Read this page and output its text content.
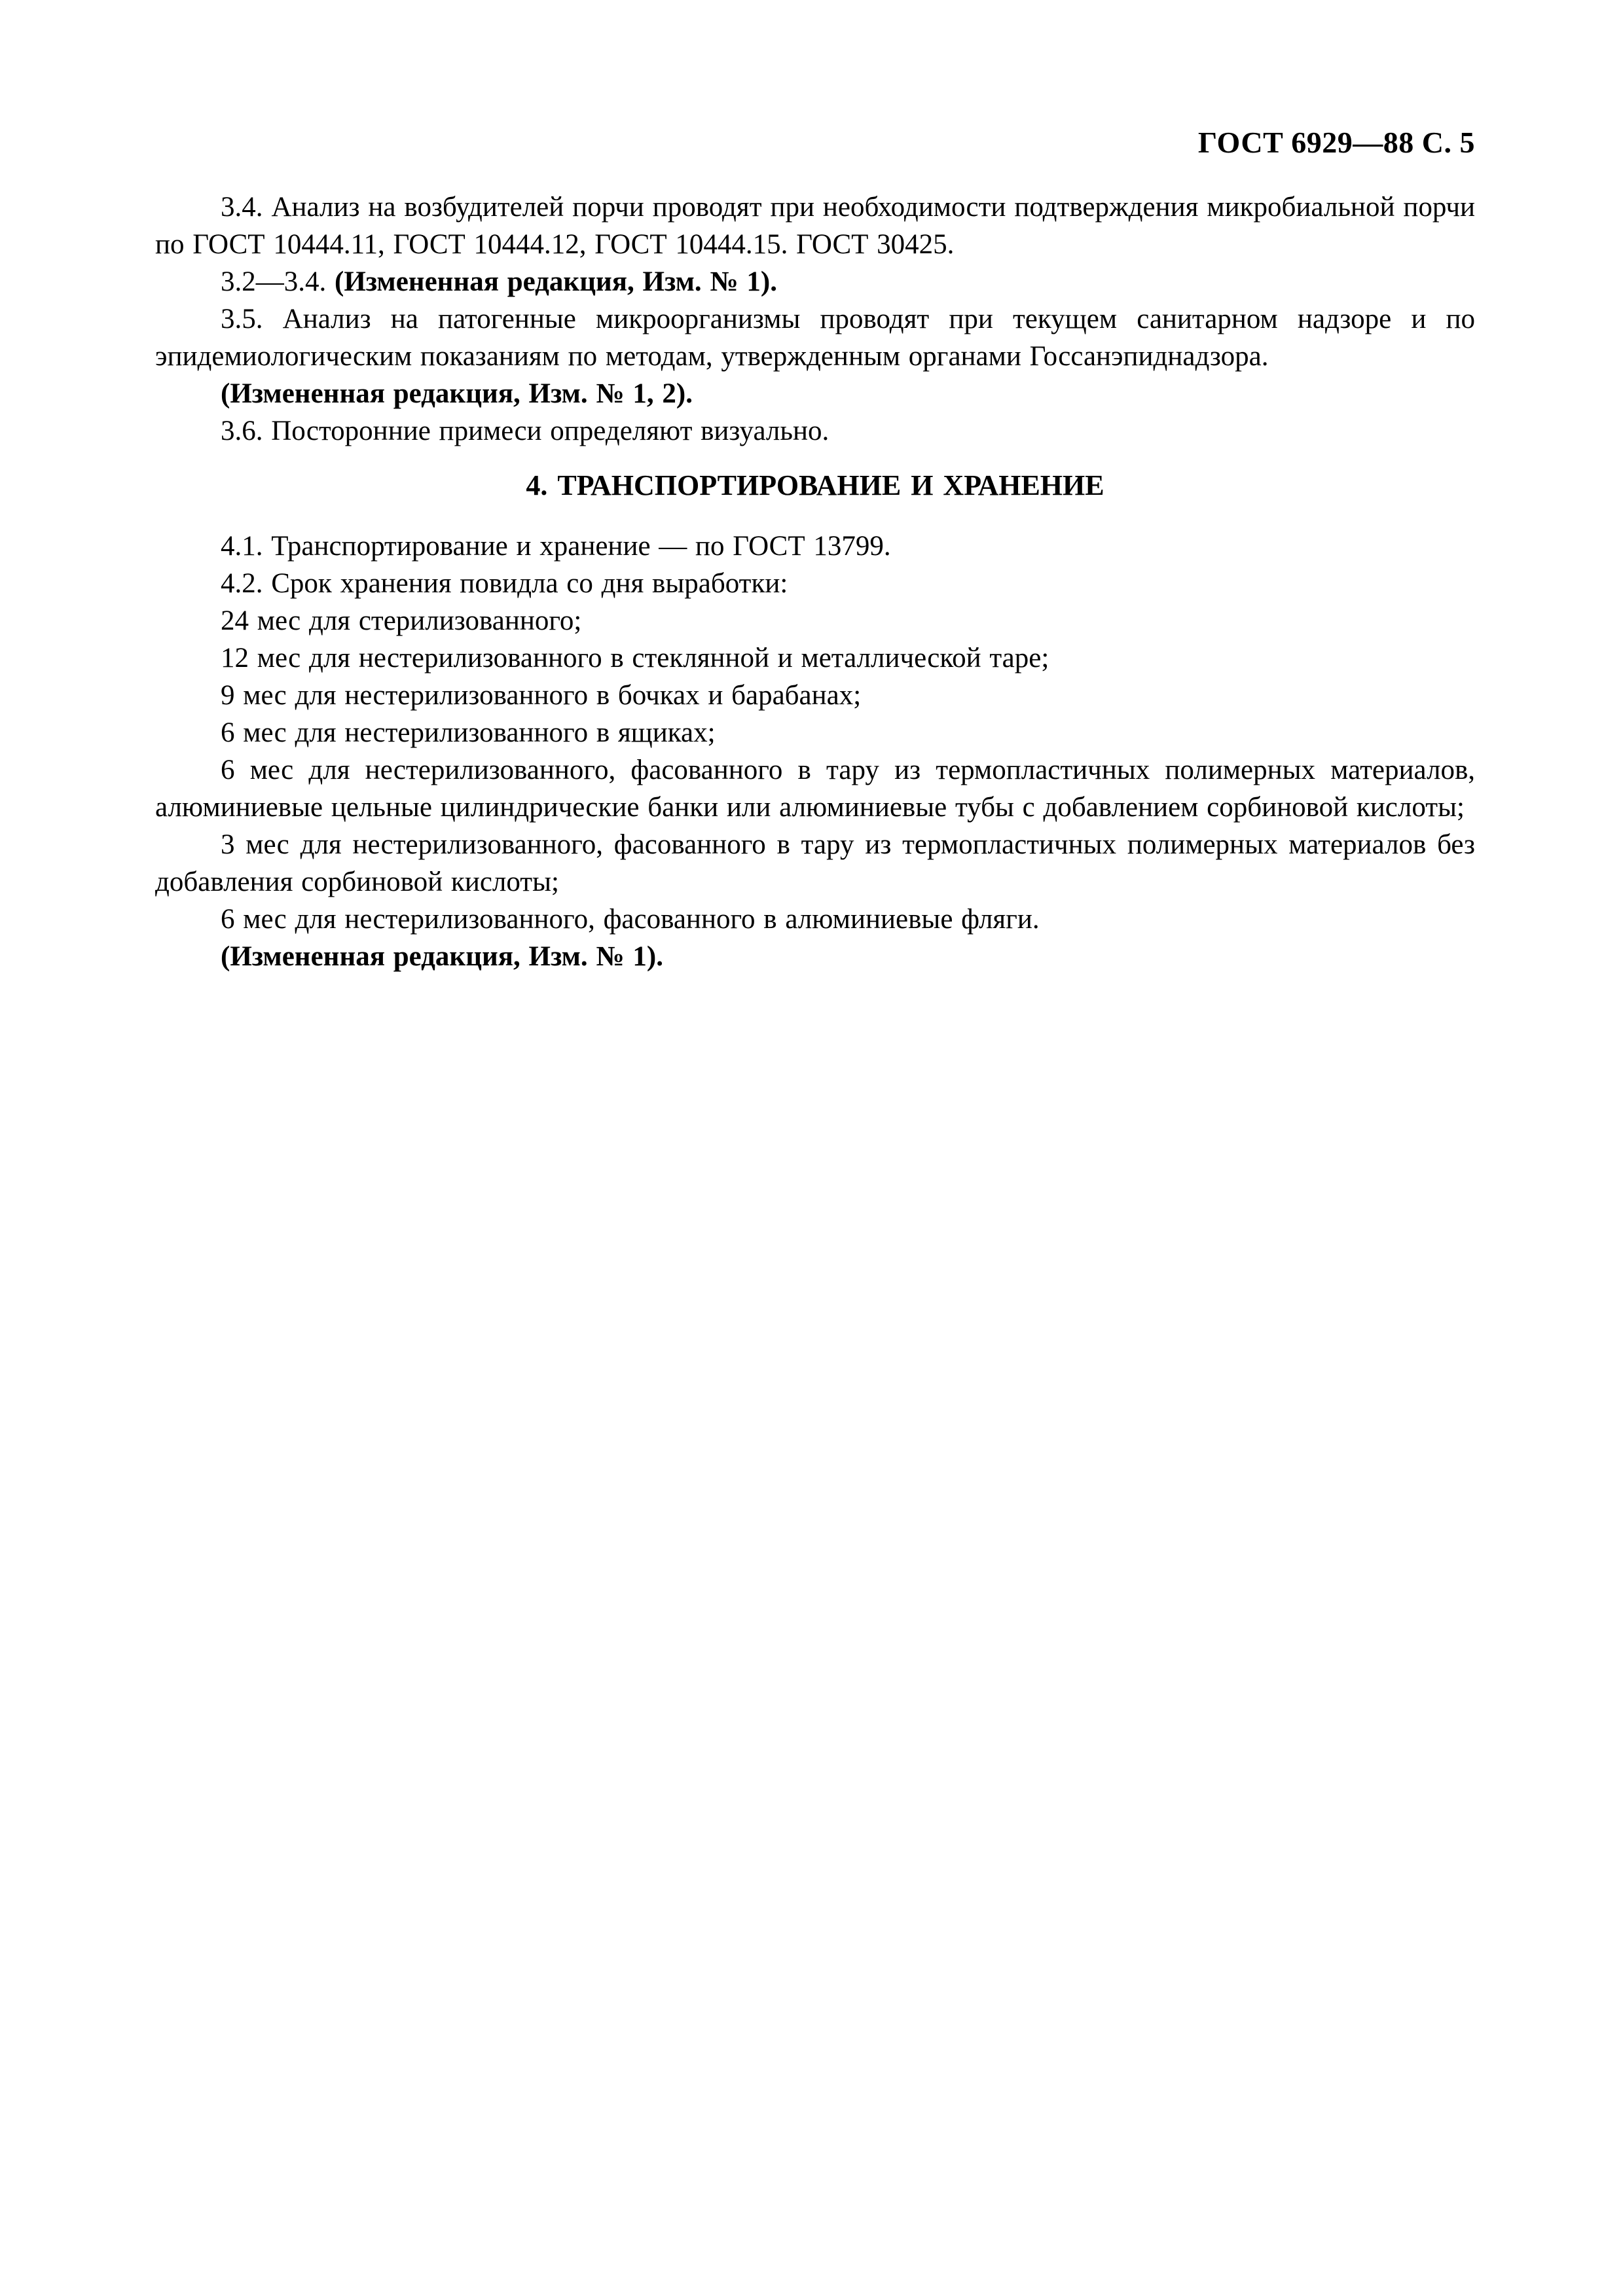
ГОСТ 6929—88 С. 5

3.4. Анализ на возбудителей порчи проводят при необходимости подтверждения микробиальной порчи по ГОСТ 10444.11, ГОСТ 10444.12, ГОСТ 10444.15. ГОСТ 30425.

3.2—3.4. (Измененная редакция, Изм. № 1).

3.5. Анализ на патогенные микроорганизмы проводят при текущем санитарном надзоре и по эпидемиологическим показаниям по методам, утвержденным органами Госсанэпиднадзора.

(Измененная редакция, Изм. № 1, 2).

3.6. Посторонние примеси определяют визуально.

4. ТРАНСПОРТИРОВАНИЕ И ХРАНЕНИЕ

4.1. Транспортирование и хранение — по ГОСТ 13799.

4.2. Срок хранения повидла со дня выработки:

24 мес для стерилизованного;

12 мес для нестерилизованного в стеклянной и металлической таре;

9 мес для нестерилизованного в бочках и барабанах;

6 мес для нестерилизованного в ящиках;

6 мес для нестерилизованного, фасованного в тару из термопластичных полимерных материалов, алюминиевые цельные цилиндрические банки или алюминиевые тубы с добавлением сорбиновой кислоты;

3 мес для нестерилизованного, фасованного в тару из термопластичных полимерных материалов без добавления сорбиновой кислоты;

6 мес для нестерилизованного, фасованного в алюминиевые фляги.

(Измененная редакция, Изм. № 1).
